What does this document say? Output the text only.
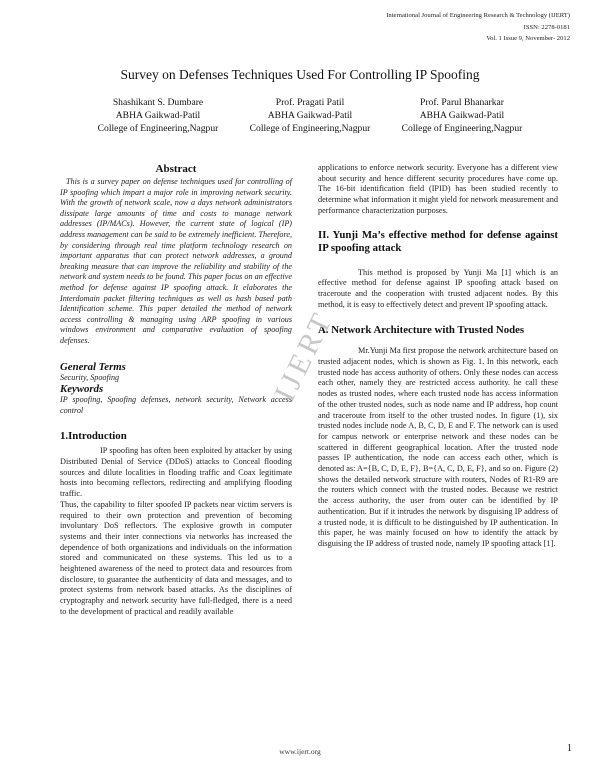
International Journal of Engineering Research & Technology (IJERT)
ISSN: 2278-0181
Vol. 1 Issue 9, November- 2012
Survey on Defenses Techniques Used For Controlling IP Spoofing
Shashikant S. Dumbare
ABHA Gaikwad-Patil
College of Engineering,Nagpur
Prof. Pragati Patil
ABHA Gaikwad-Patil
College of Engineering,Nagpur
Prof. Parul Bhanarkar
ABHA Gaikwad-Patil
College of Engineering,Nagpur
Abstract

This is a survey paper on defense techniques used for controlling of IP spoofing which impart a major role in improving network security. With the growth of network scale, now a days network administrators dissipate large amounts of time and costs to manage network addresses (IP/MACs). However, the current state of logical (IP) address management can be said to be extremely inefficient. Therefore, by considering through real time platform technology research on important apparatus that can protect network addresses, a ground breaking measure that can improve the reliability and stability of the network and system needs to be found. This paper focus on an effective method for defense against IP spoofing attack. It elaborates the Interdomain packet filtering techniques as well as hash based path Identification scheme. This paper detailed the method of network access controlling & managing using ARP spoofing in various windows environment and comparative evaluation of spoofing defenses.

General Terms

Security, Spoofing

Keywords

IP spoofing, Spoofing defenses, network security, Network access control

1.Introduction

IP spoofing has often been exploited by attacker by using Distributed Denial of Service (DDoS) attacks to Conceal flooding sources and dilute localities in flooding traffic and Coax legitimate hosts into becoming reflectors, redirecting and amplifying flooding traffic.

Thus, the capability to filter spoofed IP packets near victim servers is required to their own protection and prevention of becoming involuntary DoS reflectors. The explosive growth in computer systems and their inter connections via networks has increased the dependence of both organizations and individuals on the information stored and communicated on these systems. This led us to a heightened awareness of the need to protect data and resources from disclosure, to guarantee the authenticity of data and messages, and to protect systems from network based attacks. As the disciplines of cryptography and network security have full-fledged, there is a need to the development of practical and readily available

applications to enforce network security. Everyone has a different view about security and hence different security procedures have come up. The 16-bit identification field (IPID) has been studied recently to determine what information it might yield for network measurement and performance characterization purposes.

II. Yunji Ma’s effective method for defense against IP spoofing attack

This method is proposed by Yunji Ma [1] which is an effective method for defense against IP spoofing attack based on traceroute and the cooperation with trusted adjacent nodes. By this method, it is easy to effectively detect and prevent IP spoofing attack.

A. Network Architecture with Trusted Nodes

Mr.Yunji Ma first propose the network architecture based on trusted adjacent nodes, which is shown as Fig. 1. In this network, each trusted node has access authority of others. Only these nodes can access each other, namely they are restricted access authority. he call these nodes as trusted nodes, where each trusted node has access information of the other trusted nodes, such as node name and IP address, hop count and traceroute from itself to the other trusted nodes. In figure (1), six trusted nodes include node A, B, C, D, E and F. The network can is used for campus network or enterprise network and these nodes can be scattered in different geographical location. After the trusted node passes IP authentication, the node can access each other, which is denoted as: A={B, C, D, E, F}, B={A, C, D, E, F}, and so on. Figure (2) shows the detailed network structure with routers, Nodes of R1-R9 are the routers which connect with the trusted nodes. Because we restrict the access authority, the user from outer can be identified by IP authentication. But if it intrudes the network by disguising IP address of a trusted node, it is difficult to be distinguished by IP authentication. In this paper, he was mainly focused on how to identify the attack by disguising the IP address of trusted node, namely IP spoofing attack [1].

IJERT
www.ijert.org	1
